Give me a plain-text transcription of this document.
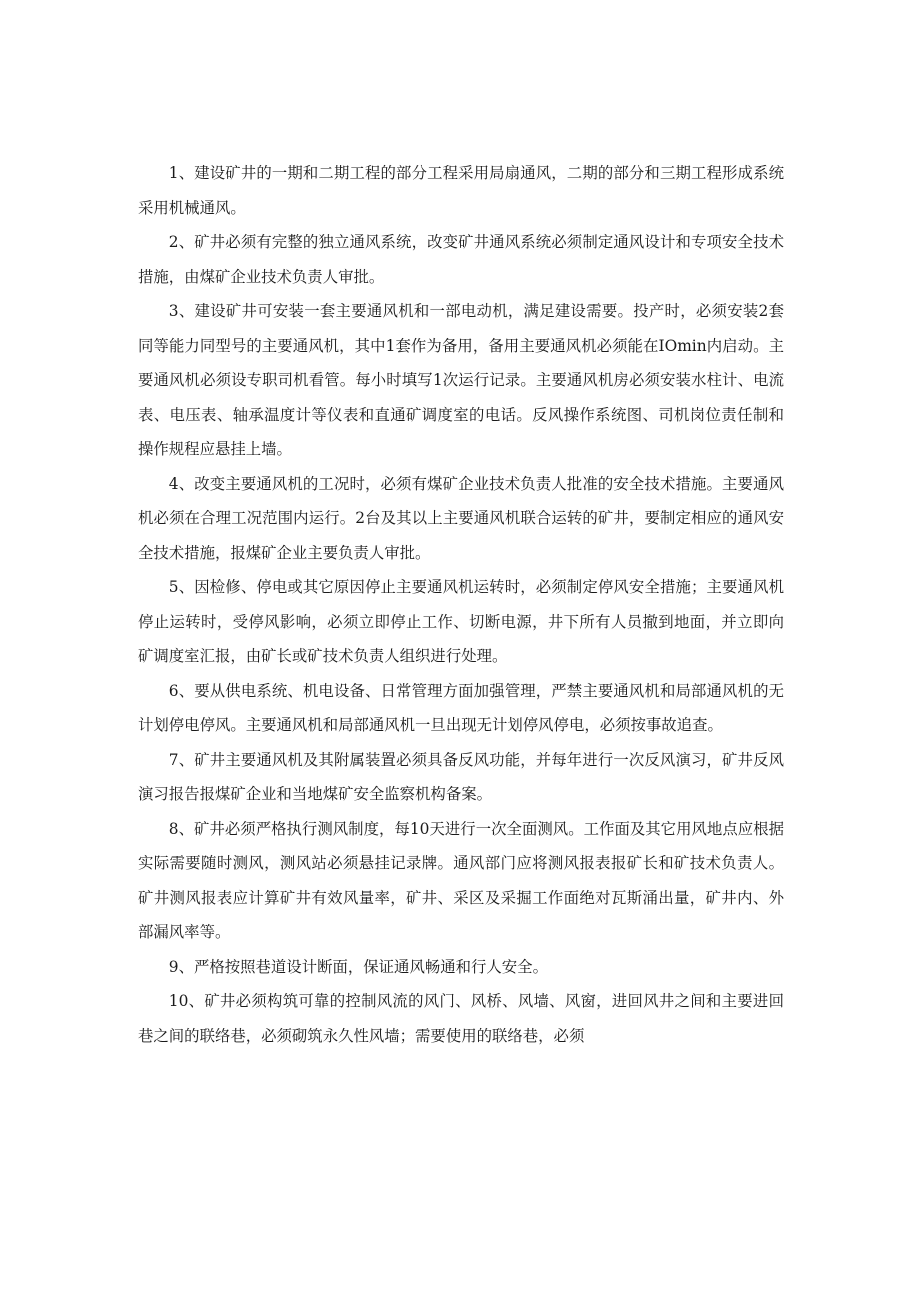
1、建设矿井的一期和二期工程的部分工程采用局扇通风，二期的部分和三期工程形成系统采用机械通风。

2、矿井必须有完整的独立通风系统，改变矿井通风系统必须制定通风设计和专项安全技术措施，由煤矿企业技术负责人审批。

3、建设矿井可安装一套主要通风机和一部电动机，满足建设需要。投产时，必须安装2套同等能力同型号的主要通风机，其中1套作为备用，备用主要通风机必须能在IOmin内启动。主要通风机必须设专职司机看管。每小时填写1次运行记录。主要通风机房必须安装水柱计、电流表、电压表、轴承温度计等仪表和直通矿调度室的电话。反风操作系统图、司机岗位责任制和操作规程应悬挂上墙。

4、改变主要通风机的工况时，必须有煤矿企业技术负责人批准的安全技术措施。主要通风机必须在合理工况范围内运行。2台及其以上主要通风机联合运转的矿井，要制定相应的通风安全技术措施，报煤矿企业主要负责人审批。

5、因检修、停电或其它原因停止主要通风机运转时，必须制定停风安全措施；主要通风机停止运转时，受停风影响，必须立即停止工作、切断电源，井下所有人员撤到地面，并立即向矿调度室汇报，由矿长或矿技术负责人组织进行处理。

6、要从供电系统、机电设备、日常管理方面加强管理，严禁主要通风机和局部通风机的无计划停电停风。主要通风机和局部通风机一旦出现无计划停风停电，必须按事故追查。

7、矿井主要通风机及其附属装置必须具备反风功能，并每年进行一次反风演习，矿井反风演习报告报煤矿企业和当地煤矿安全监察机构备案。

8、矿井必须严格执行测风制度，每10天进行一次全面测风。工作面及其它用风地点应根据实际需要随时测风，测风站必须悬挂记录牌。通风部门应将测风报表报矿长和矿技术负责人。矿井测风报表应计算矿井有效风量率，矿井、采区及采掘工作面绝对瓦斯涌出量，矿井内、外部漏风率等。

9、严格按照巷道设计断面，保证通风畅通和行人安全。

10、矿井必须构筑可靠的控制风流的风门、风桥、风墙、风窗，进回风井之间和主要进回巷之间的联络巷，必须砌筑永久性风墙；需要使用的联络巷，必须
